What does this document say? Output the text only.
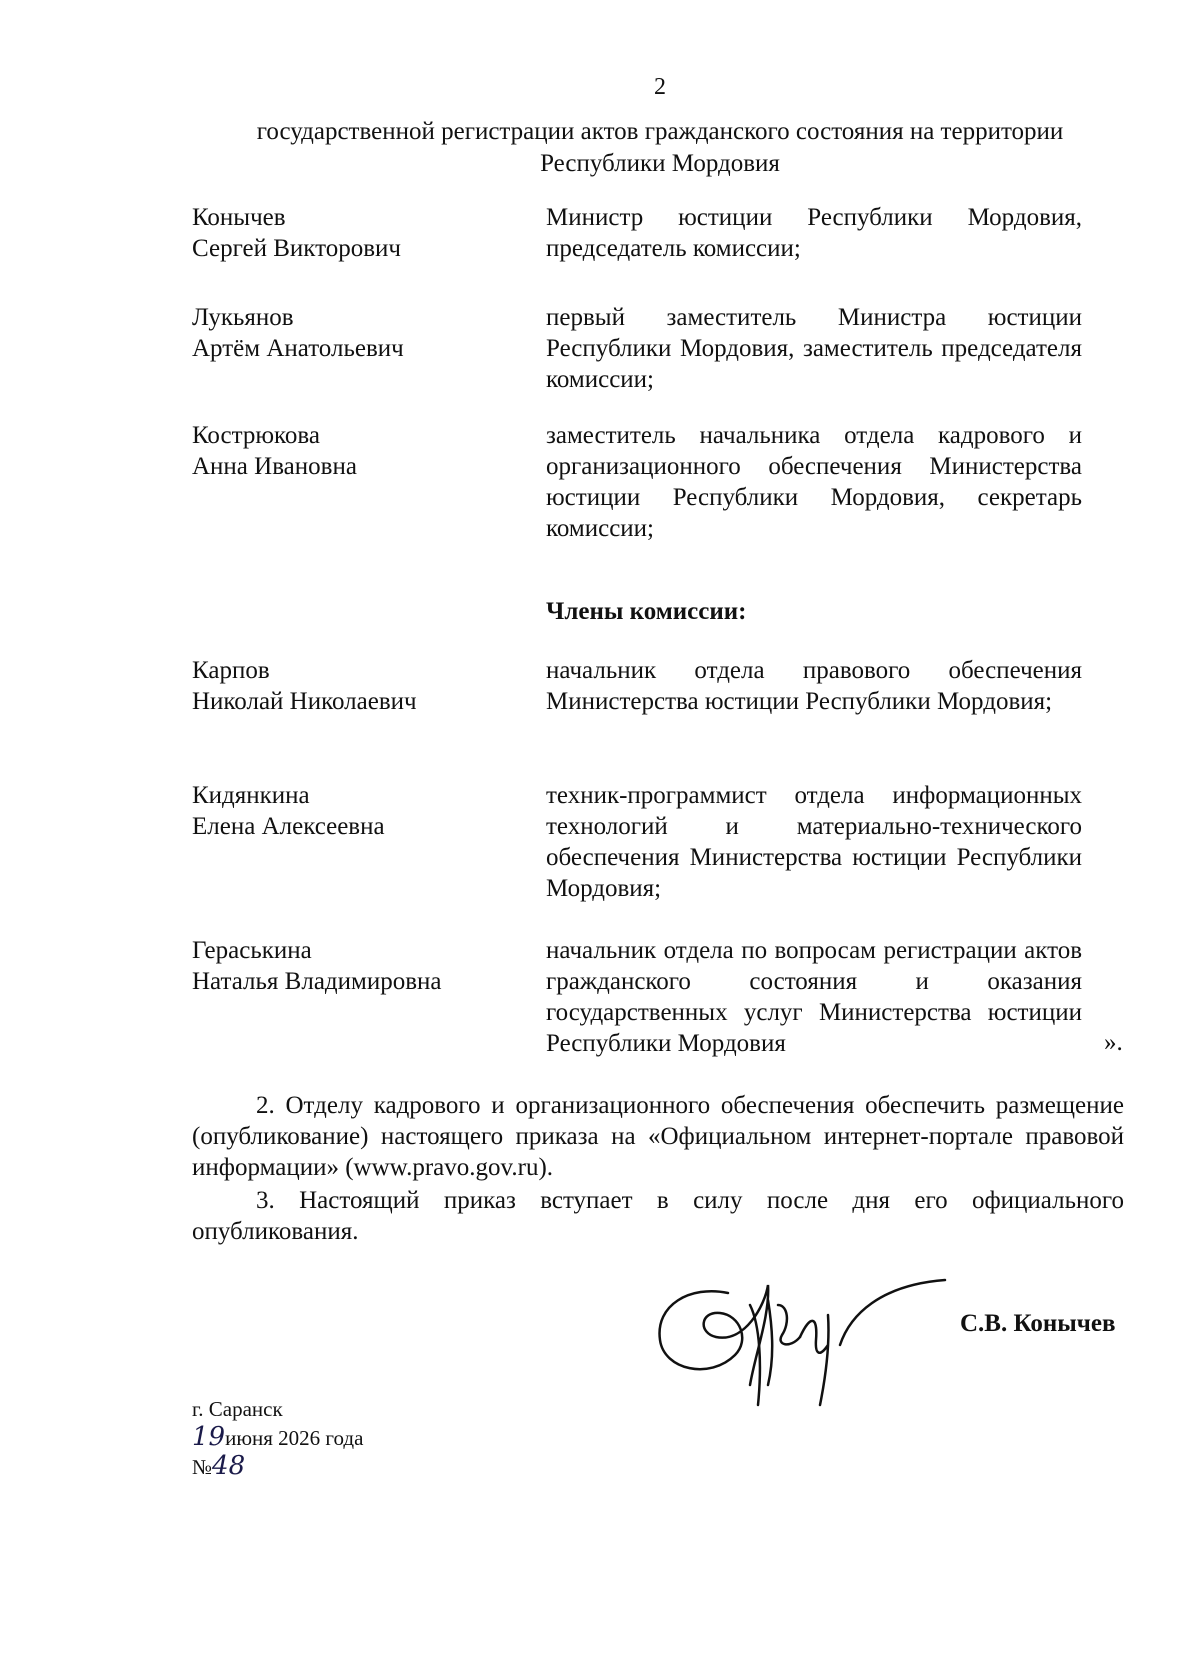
2
государственной регистрации актов гражданского состояния на территории
Республики Мордовия
Конычев
Сергей Викторович
Министр юстиции Республики Мордовия, председатель комиссии;
Лукьянов
Артём Анатольевич
первый заместитель Министра юстиции Республики Мордовия, заместитель председателя комиссии;
Кострюкова
Анна Ивановна
заместитель начальника отдела кадрового и организационного обеспечения Министерства юстиции Республики Мордовия, секретарь комиссии;
Члены комиссии:
Карпов
Николай Николаевич
начальник отдела правового обеспечения Министерства юстиции Республики Мордовия;
Кидянкина
Елена Алексеевна
техник-программист отдела информационных технологий и материально-технического обеспечения Министерства юстиции Республики Мордовия;
Гераськина
Наталья Владимировна
начальник отдела по вопросам регистрации актов гражданского состояния и оказания государственных услуг Министерства юстиции Республики Мордовия	».
2. Отделу кадрового и организационного обеспечения обеспечить размещение (опубликование) настоящего приказа на «Официальном интернет-портале правовой информации» (www.pravo.gov.ru).
3. Настоящий приказ вступает в силу после дня его официального опубликования.
С.В. Конычев
г. Саранск
19июня 2026 года
№48
